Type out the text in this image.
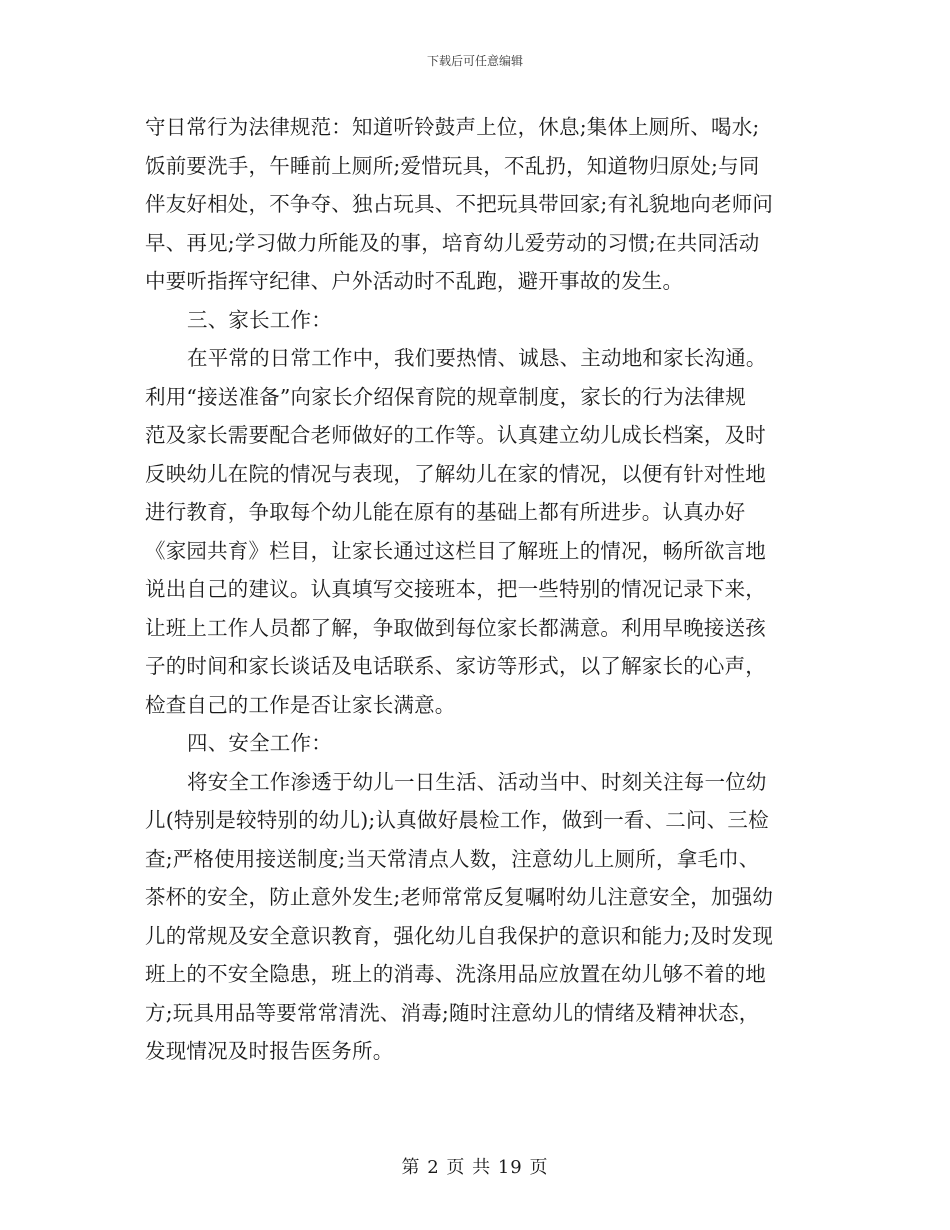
下载后可任意编辑
守日常行为法律规范：知道听铃鼓声上位，休息;集体上厕所、喝水;
饭前要洗手，午睡前上厕所;爱惜玩具，不乱扔，知道物归原处;与同
伴友好相处，不争夺、独占玩具、不把玩具带回家;有礼貌地向老师问
早、再见;学习做力所能及的事，培育幼儿爱劳动的习惯;在共同活动
中要听指挥守纪律、户外活动时不乱跑，避开事故的发生。
三、家长工作：
在平常的日常工作中，我们要热情、诚恳、主动地和家长沟通。
利用“接送准备”向家长介绍保育院的规章制度，家长的行为法律规
范及家长需要配合老师做好的工作等。认真建立幼儿成长档案，及时
反映幼儿在院的情况与表现，了解幼儿在家的情况，以便有针对性地
进行教育，争取每个幼儿能在原有的基础上都有所进步。认真办好
《家园共育》栏目，让家长通过这栏目了解班上的情况，畅所欲言地
说出自己的建议。认真填写交接班本，把一些特别的情况记录下来，
让班上工作人员都了解，争取做到每位家长都满意。利用早晚接送孩
子的时间和家长谈话及电话联系、家访等形式，以了解家长的心声，
检查自己的工作是否让家长满意。
四、安全工作：
将安全工作渗透于幼儿一日生活、活动当中、时刻关注每一位幼
儿(特别是较特别的幼儿);认真做好晨检工作，做到一看、二问、三检
查;严格使用接送制度;当天常清点人数，注意幼儿上厕所，拿毛巾、
茶杯的安全，防止意外发生;老师常常反复嘱咐幼儿注意安全，加强幼
儿的常规及安全意识教育，强化幼儿自我保护的意识和能力;及时发现
班上的不安全隐患，班上的消毒、洗涤用品应放置在幼儿够不着的地
方;玩具用品等要常常清洗、消毒;随时注意幼儿的情绪及精神状态，
发现情况及时报告医务所。
第 2 页 共 19 页
